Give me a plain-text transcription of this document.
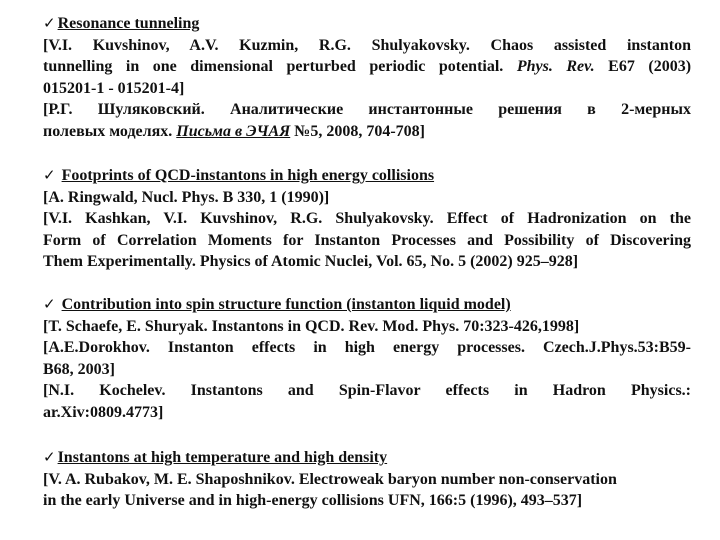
✓ Resonance tunneling
[V.I. Kuvshinov, A.V. Kuzmin, R.G. Shulyakovsky. Chaos assisted instanton
tunnelling in one dimensional perturbed periodic potential. Phys. Rev. E67 (2003)
015201-1 - 015201-4]
[Р.Г. Шуляковский. Аналитические инстантонные решения в 2-мерных
полевых моделях. Письма в ЭЧАЯ №5, 2008, 704-708]
✓ Footprints of QCD-instantons in high energy collisions
[A. Ringwald, Nucl. Phys. B 330, 1 (1990)]
[V.I. Kashkan, V.I. Kuvshinov, R.G. Shulyakovsky. Effect of Hadronization on the
Form of Correlation Moments for Instanton Processes and Possibility of Discovering
Them Experimentally. Physics of Atomic Nuclei, Vol. 65, No. 5 (2002) 925–928]
✓ Contribution into spin structure function (instanton liquid model)
[T. Schaefe, E. Shuryak. Instantons in QCD. Rev. Mod. Phys. 70:323-426,1998]
[A.E.Dorokhov. Instanton effects in high energy processes. Czech.J.Phys.53:B59-
B68, 2003]
[N.I. Kochelev. Instantons and Spin-Flavor effects in Hadron Physics.:
ar.Xiv:0809.4773]
✓ Instantons at high temperature and high density
[V. A. Rubakov, M. E. Shaposhnikov. Electroweak baryon number non-conservation
in the early Universe and in high-energy collisions UFN, 166:5 (1996), 493–537]
